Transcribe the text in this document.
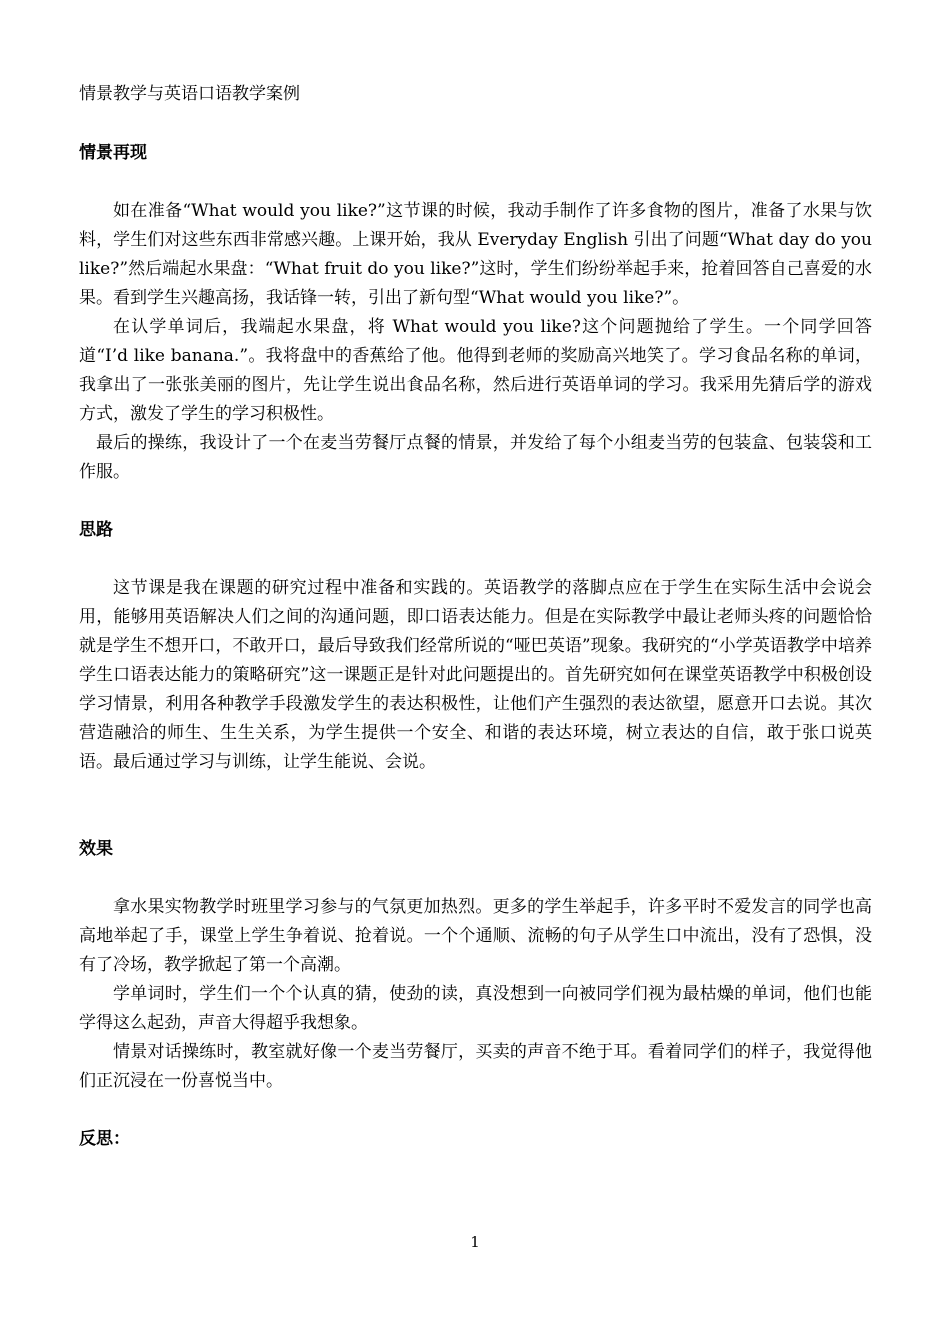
情景教学与英语口语教学案例

情景再现

如在准备“What would you like?”这节课的时候，我动手制作了许多食物的图片，准备了水果与饮料，学生们对这些东西非常感兴趣。上课开始，我从 Everyday English 引出了问题“What day do you like?”然后端起水果盘：“What fruit do you like?”这时，学生们纷纷举起手来，抢着回答自己喜爱的水果。看到学生兴趣高扬，我话锋一转，引出了新句型“What would you like?”。

在认学单词后，我端起水果盘，将 What would you like?这个问题抛给了学生。一个同学回答道“I’d like banana.”。我将盘中的香蕉给了他。他得到老师的奖励高兴地笑了。学习食品名称的单词，我拿出了一张张美丽的图片，先让学生说出食品名称，然后进行英语单词的学习。我采用先猜后学的游戏方式，激发了学生的学习积极性。

最后的操练，我设计了一个在麦当劳餐厅点餐的情景，并发给了每个小组麦当劳的包装盒、包装袋和工作服。

思路

这节课是我在课题的研究过程中准备和实践的。英语教学的落脚点应在于学生在实际生活中会说会用，能够用英语解决人们之间的沟通问题，即口语表达能力。但是在实际教学中最让老师头疼的问题恰恰就是学生不想开口，不敢开口，最后导致我们经常所说的“哑巴英语”现象。我研究的“小学英语教学中培养学生口语表达能力的策略研究”这一课题正是针对此问题提出的。首先研究如何在课堂英语教学中积极创设学习情景，利用各种教学手段激发学生的表达积极性，让他们产生强烈的表达欲望，愿意开口去说。其次营造融洽的师生、生生关系，为学生提供一个安全、和谐的表达环境，树立表达的自信，敢于张口说英语。最后通过学习与训练，让学生能说、会说。

效果

拿水果实物教学时班里学习参与的气氛更加热烈。更多的学生举起手，许多平时不爱发言的同学也高高地举起了手，课堂上学生争着说、抢着说。一个个通顺、流畅的句子从学生口中流出，没有了恐惧，没有了冷场，教学掀起了第一个高潮。

学单词时，学生们一个个认真的猜，使劲的读，真没想到一向被同学们视为最枯燥的单词，他们也能学得这么起劲，声音大得超乎我想象。

情景对话操练时，教室就好像一个麦当劳餐厅，买卖的声音不绝于耳。看着同学们的样子，我觉得他们正沉浸在一份喜悦当中。

反思：

1
